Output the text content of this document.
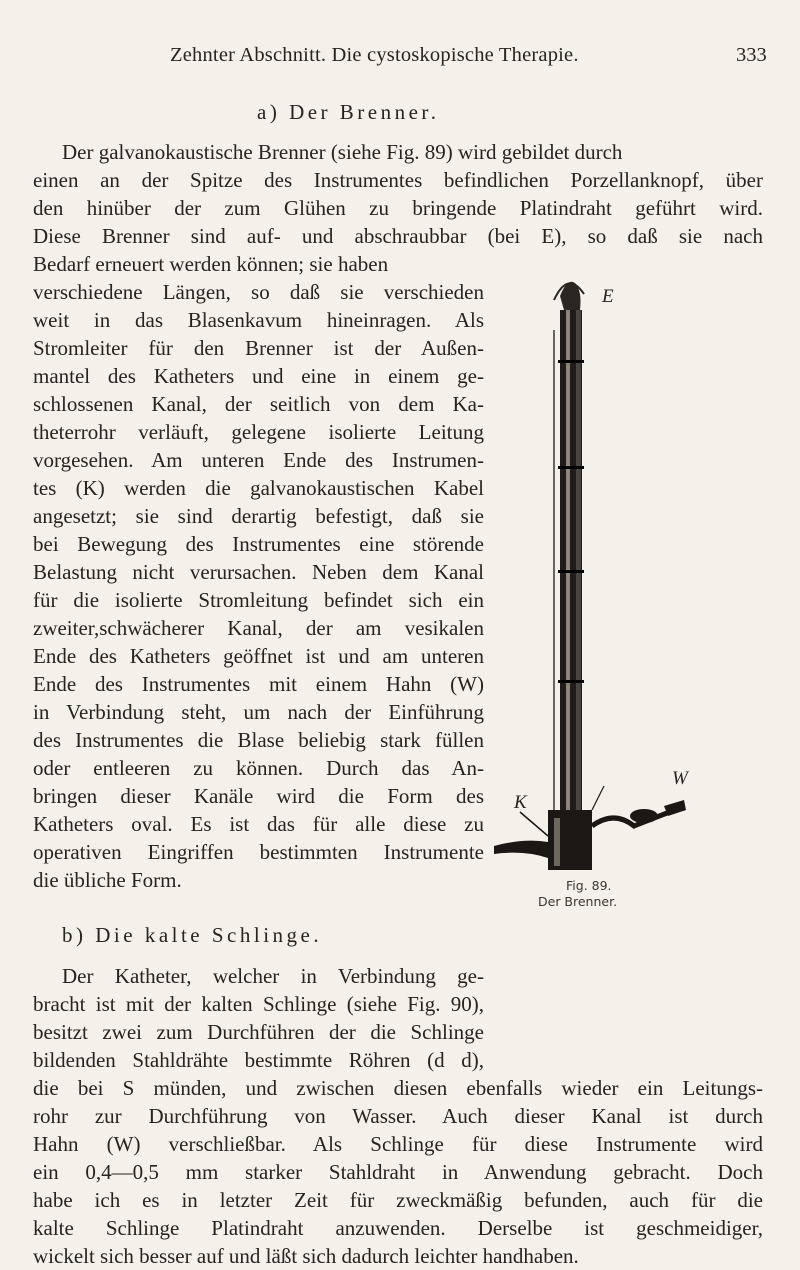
Zehnter Abschnitt. Die cystoskopische Therapie.	333
a) Der Brenner.
Der galvanokaustische Brenner (siehe Fig. 89) wird gebildet durch
einen an der Spitze des Instrumentes befindlichen Porzellanknopf, über
den hinüber der zum Glühen zu bringende Platindraht geführt wird.
Diese Brenner sind auf- und abschraubbar (bei E), so daß sie nach
Bedarf erneuert werden können; sie haben
verschiedene Längen, so daß sie verschieden
weit in das Blasenkavum hineinragen. Als
Stromleiter für den Brenner ist der Außen-
mantel des Katheters und eine in einem ge-
schlossenen Kanal, der seitlich von dem Ka-
theterrohr verläuft, gelegene isolierte Leitung
vorgesehen. Am unteren Ende des Instrumen-
tes (K) werden die galvanokaustischen Kabel
angesetzt; sie sind derartig befestigt, daß sie
bei Bewegung des Instrumentes eine störende
Belastung nicht verursachen. Neben dem Kanal
für die isolierte Stromleitung befindet sich ein
zweiter,schwächerer Kanal, der am vesikalen
Ende des Katheters geöffnet ist und am unteren
Ende des Instrumentes mit einem Hahn (W)
in Verbindung steht, um nach der Einführung
des Instrumentes die Blase beliebig stark füllen
oder entleeren zu können. Durch das An-
bringen dieser Kanäle wird die Form des
Katheters oval. Es ist das für alle diese zu
operativen Eingriffen bestimmten Instrumente
die übliche Form.
b) Die kalte Schlinge.
Der Katheter, welcher in Verbindung ge-
bracht ist mit der kalten Schlinge (siehe Fig. 90),
besitzt zwei zum Durchführen der die Schlinge
bildenden Stahldrähte bestimmte Röhren (d d),
die bei S münden, und zwischen diesen ebenfalls wieder ein Leitungs-
rohr zur Durchführung von Wasser. Auch dieser Kanal ist durch
Hahn (W) verschließbar. Als Schlinge für diese Instrumente wird
ein 0,4—0,5 mm starker Stahldraht in Anwendung gebracht. Doch
habe ich es in letzter Zeit für zweckmäßig befunden, auch für die
kalte Schlinge Platindraht anzuwenden. Derselbe ist geschmeidiger,
wickelt sich besser auf und läßt sich dadurch leichter handhaben.
E
W
K
Fig. 89.
Der Brenner.
